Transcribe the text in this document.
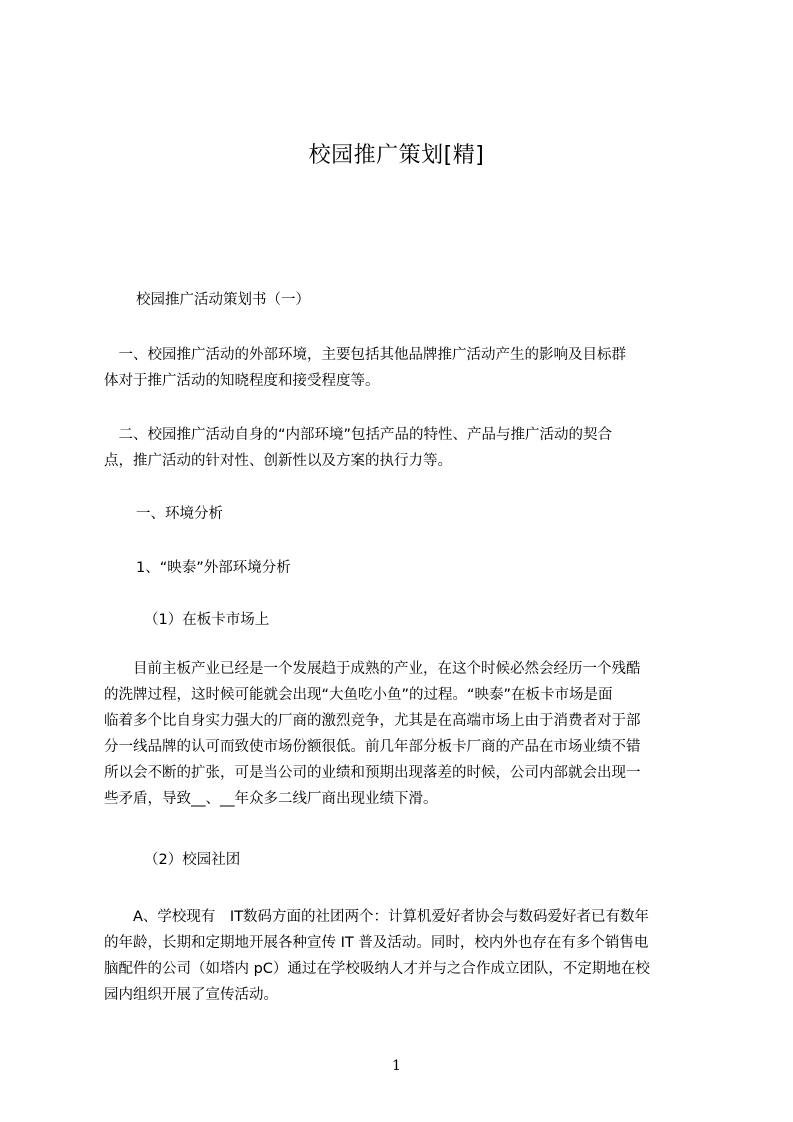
校园推广策划[精]
校园推广活动策划书（一）
　一、校园推广活动的外部环境，主要包括其他品牌推广活动产生的影响及目标群
体对于推广活动的知晓程度和接受程度等。
　二、校园推广活动自身的“内部环境”包括产品的特性、产品与推广活动的契合
点，推广活动的针对性、创新性以及方案的执行力等。
一、环境分析
1、“映泰”外部环境分析
（1）在板卡市场上
　　目前主板产业已经是一个发展趋于成熟的产业，在这个时候必然会经历一个残酷
的洗牌过程，这时候可能就会出现“大鱼吃小鱼”的过程。“映泰”在板卡市场是面
临着多个比自身实力强大的厂商的激烈竞争，尤其是在高端市场上由于消费者对于部
分一线品牌的认可而致使市场份额很低。前几年部分板卡厂商的产品在市场业绩不错
所以会不断的扩张，可是当公司的业绩和预期出现落差的时候，公司内部就会出现一
些矛盾，导致__、__年众多二线厂商出现业绩下滑。
（2）校园社团
　　A、学校现有　IT数码方面的社团两个：计算机爱好者协会与数码爱好者已有数年
的年龄，长期和定期地开展各种宣传 IT 普及活动。同时，校内外也存在有多个销售电
脑配件的公司（如塔内 pC）通过在学校吸纳人才并与之合作成立团队，不定期地在校
园内组织开展了宣传活动。
1
